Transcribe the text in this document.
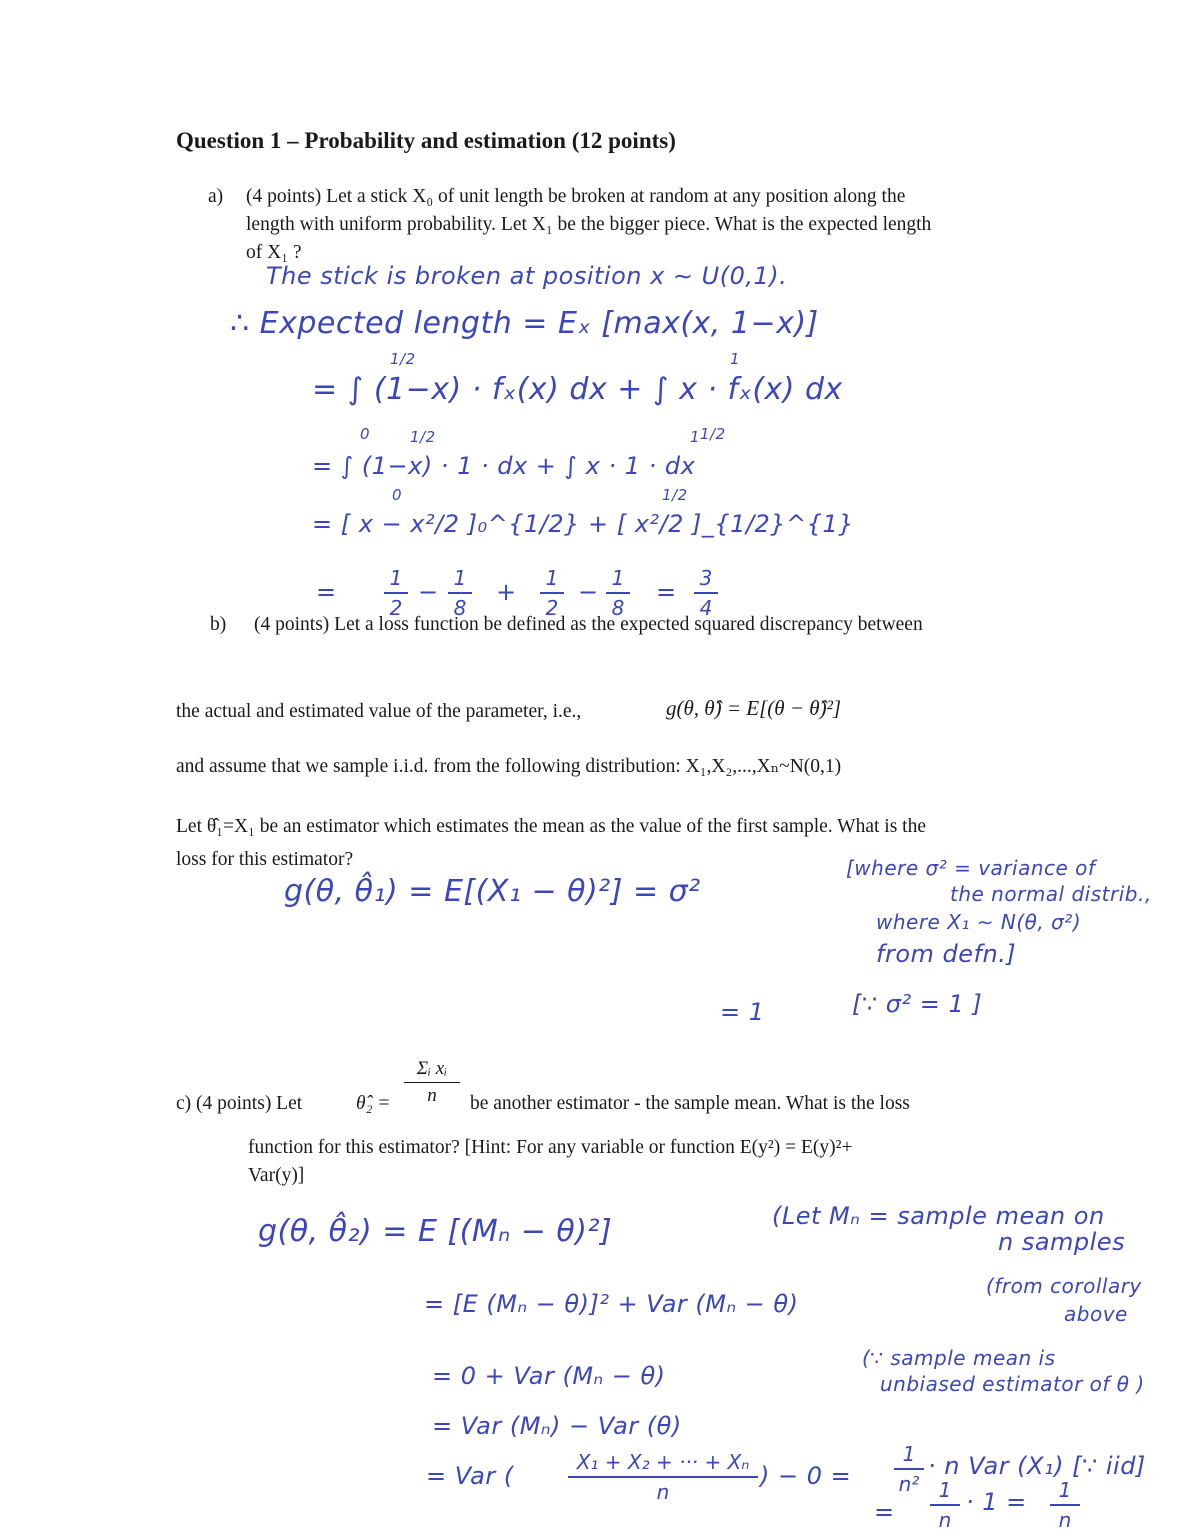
Question 1 – Probability and estimation (12 points)
a) (4 points) Let a stick X₀ of unit length be broken at random at any position along the
length with uniform probability. Let X₁ be the bigger piece. What is the expected length
of X₁ ?
The stick is broken at position x ∼ U(0,1).
∴ Expected length = Eₓ [max(x, 1−x)]
1/2	1
= ∫ (1−x) · fₓ(x) dx + ∫ x · fₓ(x) dx
0	1/2
1/2	1
= ∫ (1−x) · 1 · dx + ∫ x · 1 · dx
0	1/2
= [ x − x²/2 ]₀^{1/2} + [ x²/2 ]_{1/2}^{1}
=	1
2
− 1
8
+ 1
2
− 1
8
= 3
4
b) (4 points) Let a loss function be defined as the expected squared discrepancy between
the actual and estimated value of the parameter, i.e.,	g(θ, θ̂) = E[(θ − θ̂)²]
and assume that we sample i.i.d. from the following distribution: X₁,X₂,...,Xₙ~N(0,1)
Let θ̂₁=X₁ be an estimator which estimates the mean as the value of the first sample. What is the
loss for this estimator?
g(θ, θ̂₁) = E[(X₁ − θ)²] = σ²
[where σ² = variance of
the normal distrib.,
where X₁ ∼ N(θ, σ²)
from defn.]
= 1	[∵ σ² = 1 ]
c) (4 points) Let	θ̂₂ =
Σᵢ xᵢ
n	be another estimator - the sample mean. What is the loss
function for this estimator? [Hint: For any variable or function E(y²) = E(y)²+
Var(y)]
g(θ, θ̂₂) = E [(Mₙ − θ)²]	(Let Mₙ = sample mean on
n samples
= [E (Mₙ − θ)]² + Var (Mₙ − θ)
(from corollary
above
= 0 + Var (Mₙ − θ)
(∵ sample mean is
unbiased estimator of θ )
= Var (Mₙ) − Var (θ)
= Var (	X₁ + X₂ + ··· + Xₙ
n
) − 0 =
1
n²
· n Var (X₁) [∵ iid]
=
1
n
· 1 =	1
n
